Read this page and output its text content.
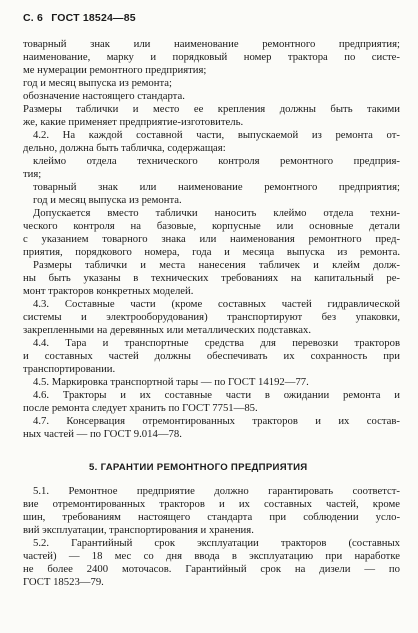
С. 6 ГОСТ 18524—85
товарный знак или наименование ремонтного предприятия;
наименование, марку и порядковый номер трактора по систе-
ме нумерации ремонтного предприятия;
год и месяц выпуска из ремонта;
обозначение настоящего стандарта.
Размеры таблички и место ее крепления должны быть такими
же, какие применяет предприятие-изготовитель.
4.2. На каждой составной части, выпускаемой из ремонта от-
дельно, должна быть табличка, содержащая:
клеймо отдела технического контроля ремонтного предприя-
тия;
товарный знак или наименование ремонтного предприятия;
год и месяц выпуска из ремонта.
Допускается вместо таблички наносить клеймо отдела техни-
ческого контроля на базовые, корпусные или основные детали
с указанием товарного знака или наименования ремонтного пред-
приятия, порядкового номера, года и месяца выпуска из ремонта.
Размеры таблички и места нанесения табличек и клейм долж-
ны быть указаны в технических требованиях на капитальный ре-
монт тракторов конкретных моделей.
4.3. Составные части (кроме составных частей гидравлической
системы и электрооборудования) транспортируют без упаковки,
закрепленными на деревянных или металлических подставках.
4.4. Тара и транспортные средства для перевозки тракторов
и составных частей должны обеспечивать их сохранность при
транспортировании.
4.5. Маркировка транспортной тары — по ГОСТ 14192—77.
4.6. Тракторы и их составные части в ожидании ремонта и
после ремонта следует хранить по ГОСТ 7751—85.
4.7. Консервация отремонтированных тракторов и их состав-
ных частей — по ГОСТ 9.014—78.
5. ГАРАНТИИ РЕМОНТНОГО ПРЕДПРИЯТИЯ
5.1. Ремонтное предприятие должно гарантировать соответст-
вие отремонтированных тракторов и их составных частей, кроме
шин, требованиям настоящего стандарта при соблюдении усло-
вий эксплуатации, транспортирования и хранения.
5.2. Гарантийный срок эксплуатации тракторов (составных
частей) — 18 мес со дня ввода в эксплуатацию при наработке
не более 2400 моточасов. Гарантийный срок на дизели — по
ГОСТ 18523—79.
